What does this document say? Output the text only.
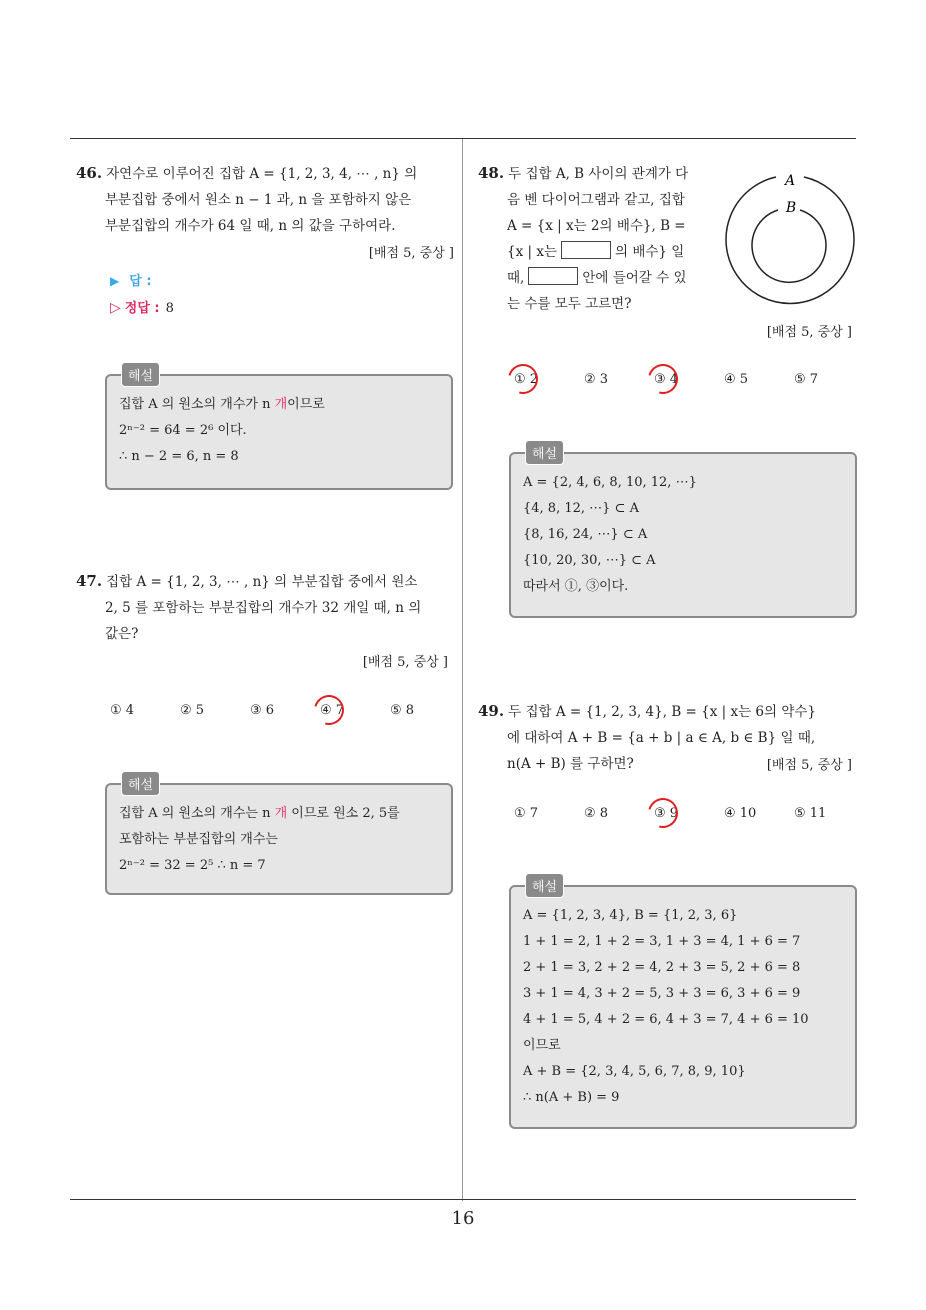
16
46. 자연수로 이루어진 집합 A = {1, 2, 3, 4, ⋯ , n} 의
부분집합 중에서 원소 n − 1 과, n 을 포함하지 않은
부분집합의 개수가 64 일 때, n 의 값을 구하여라.
[배점 5, 중상 ]
▶ 답 :
▷ 정답 : 8
해설
집합 A 의 원소의 개수가 n 개이므로
2ⁿ⁻² = 64 = 2⁶ 이다.
∴ n − 2 = 6, n = 8
47. 집합 A = {1, 2, 3, ⋯ , n} 의 부분집합 중에서 원소
2, 5 를 포함하는 부분집합의 개수가 32 개일 때, n 의
값은?
[배점 5, 중상 ]
① 4	② 5	③ 6	④ 7	⑤ 8
해설
집합 A 의 원소의 개수는 n 개 이므로 원소 2, 5를
포함하는 부분집합의 개수는
2ⁿ⁻² = 32 = 2⁵ ∴ n = 7
48. 두 집합 A, B 사이의 관계가 다
음 벤 다이어그램과 같고, 집합
A = {x | x는 2의 배수}, B =
{x | x는	의 배수} 일
때,	안에 들어갈 수 있
는 수를 모두 고르면?
A
B
[배점 5, 중상 ]
① 2	② 3	③ 4	④ 5	⑤ 7
해설
A = {2, 4, 6, 8, 10, 12, ⋯}
{4, 8, 12, ⋯} ⊂ A
{8, 16, 24, ⋯} ⊂ A
{10, 20, 30, ⋯} ⊂ A
따라서 ①, ③이다.
49. 두 집합 A = {1, 2, 3, 4}, B = {x | x는 6의 약수}
에 대하여 A + B = {a + b | a ∈ A, b ∈ B} 일 때,
n(A + B) 를 구하면?	[배점 5, 중상 ]
① 7	② 8	③ 9	④ 10	⑤ 11
해설
A = {1, 2, 3, 4}, B = {1, 2, 3, 6}
1 + 1 = 2, 1 + 2 = 3, 1 + 3 = 4, 1 + 6 = 7
2 + 1 = 3, 2 + 2 = 4, 2 + 3 = 5, 2 + 6 = 8
3 + 1 = 4, 3 + 2 = 5, 3 + 3 = 6, 3 + 6 = 9
4 + 1 = 5, 4 + 2 = 6, 4 + 3 = 7, 4 + 6 = 10
이므로
A + B = {2, 3, 4, 5, 6, 7, 8, 9, 10}
∴ n(A + B) = 9
